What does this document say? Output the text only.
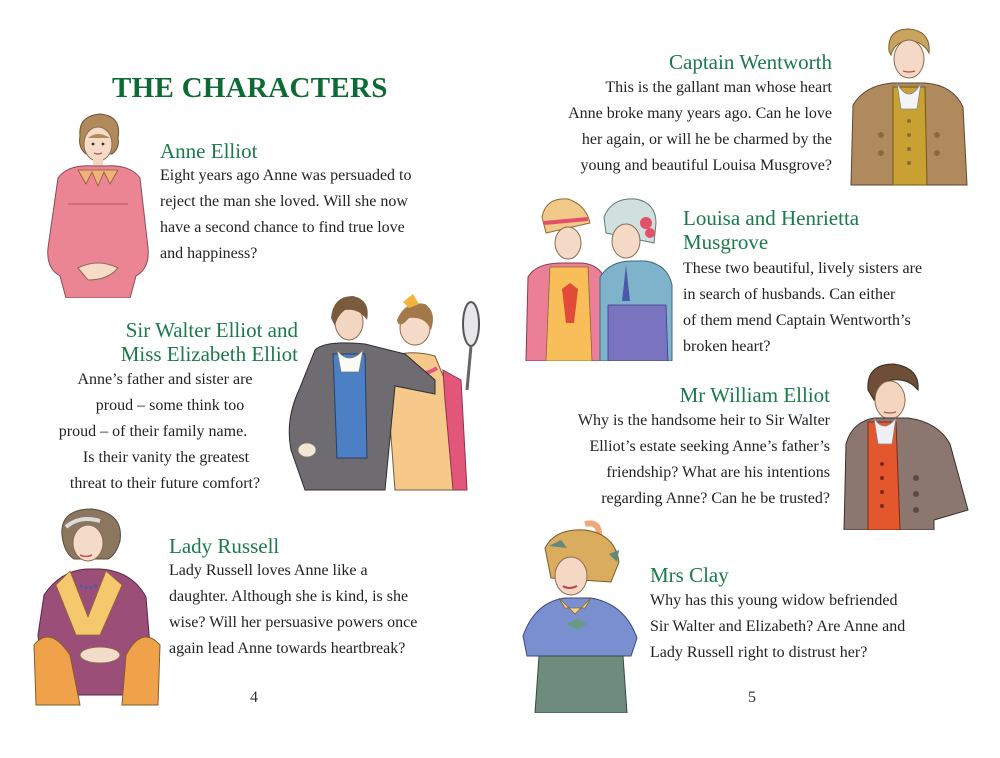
THE CHARACTERS
Anne Elliot
Eight years ago Anne was persuaded to
reject the man she loved. Will she now
have a second chance to find true love
and happiness?
Sir Walter Elliot and
Miss Elizabeth Elliot
Anne’s father and sister are
proud – some think too
proud – of their family name.
Is their vanity the greatest
threat to their future comfort?
Lady Russell
Lady Russell loves Anne like a
daughter. Although she is kind, is she
wise? Will her persuasive powers once
again lead Anne towards heartbreak?
4
Captain Wentworth
This is the gallant man whose heart
Anne broke many years ago. Can he love
her again, or will he be charmed by the
young and beautiful Louisa Musgrove?
Louisa and Henrietta
Musgrove
These two beautiful, lively sisters are
in search of husbands. Can either
of them mend Captain Wentworth’s
broken heart?
Mr William Elliot
Why is the handsome heir to Sir Walter
Elliot’s estate seeking Anne’s father’s
friendship? What are his intentions
regarding Anne? Can he be trusted?
Mrs Clay
Why has this young widow befriended
Sir Walter and Elizabeth? Are Anne and
Lady Russell right to distrust her?
5
